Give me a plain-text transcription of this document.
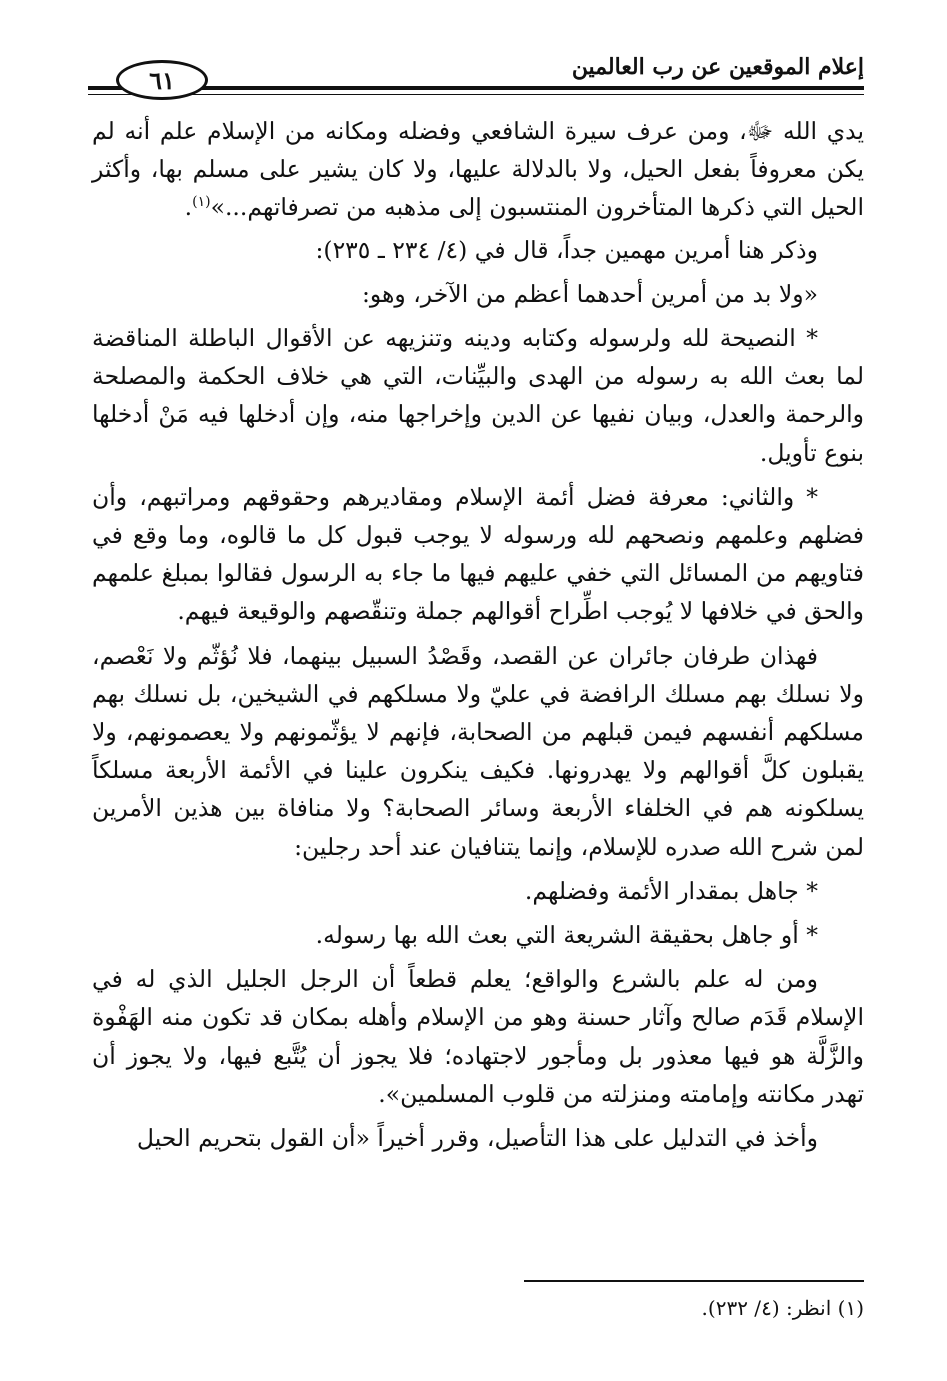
إعلام الموقعين عن رب العالمين
٦١

يدي الله ﷻ، ومن عرف سيرة الشافعي وفضله ومكانه من الإسلام علم أنه لم يكن معروفاً بفعل الحيل، ولا بالدلالة عليها، ولا كان يشير على مسلم بها، وأكثر الحيل التي ذكرها المتأخرون المنتسبون إلى مذهبه من تصرفاتهم...»$^{(١)}$.

وذكر هنا أمرين مهمين جداً، قال في (٤/ ٢٣٤ ـ ٢٣٥):

«ولا بد من أمرين أحدهما أعظم من الآخر، وهو:

* النصيحة لله ولرسوله وكتابه ودينه وتنزيهه عن الأقوال الباطلة المناقضة لما بعث الله به رسوله من الهدى والبيِّنات، التي هي خلاف الحكمة والمصلحة والرحمة والعدل، وبيان نفيها عن الدين وإخراجها منه، وإن أدخلها فيه مَنْ أدخلها بنوع تأويل.

* والثاني: معرفة فضل أئمة الإسلام ومقاديرهم وحقوقهم ومراتبهم، وأن فضلهم وعلمهم ونصحهم لله ورسوله لا يوجب قبول كل ما قالوه، وما وقع في فتاويهم من المسائل التي خفي عليهم فيها ما جاء به الرسول فقالوا بمبلغ علمهم والحق في خلافها لا يُوجب اطِّراح أقوالهم جملة وتنقّصهم والوقيعة فيهم.

فهذان طرفان جائران عن القصد، وقَصْدُ السبيل بينهما، فلا نُؤثّم ولا نَعْصم، ولا نسلك بهم مسلك الرافضة في عليّ ولا مسلكهم في الشيخين، بل نسلك بهم مسلكهم أنفسهم فيمن قبلهم من الصحابة، فإنهم لا يؤثّمونهم ولا يعصمونهم، ولا يقبلون كلَّ أقوالهم ولا يهدرونها. فكيف ينكرون علينا في الأئمة الأربعة مسلكاً يسلكونه هم في الخلفاء الأربعة وسائر الصحابة؟ ولا منافاة بين هذين الأمرين لمن شرح الله صدره للإسلام، وإنما يتنافيان عند أحد رجلين:

* جاهل بمقدار الأئمة وفضلهم.

* أو جاهل بحقيقة الشريعة التي بعث الله بها رسوله.

ومن له علم بالشرع والواقع؛ يعلم قطعاً أن الرجل الجليل الذي له في الإسلام قَدَم صالح وآثار حسنة وهو من الإسلام وأهله بمكان قد تكون منه الهَفْوة والزَّلَّة هو فيها معذور بل ومأجور لاجتهاده؛ فلا يجوز أن يُتَّبع فيها، ولا يجوز أن تهدر مكانته وإمامته ومنزلته من قلوب المسلمين».

وأخذ في التدليل على هذا التأصيل، وقرر أخيراً «أن القول بتحريم الحيل

(١) انظر: (٤/ ٢٣٢).
